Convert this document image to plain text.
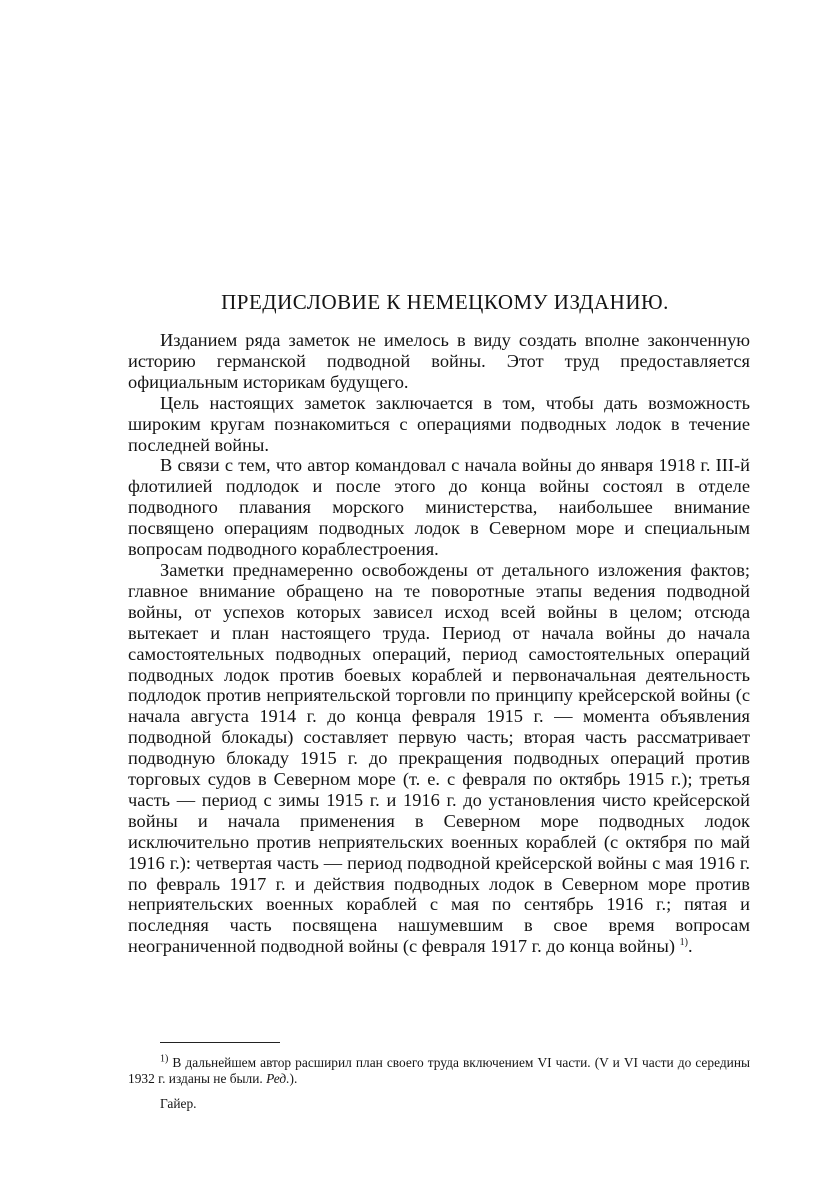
ПРЕДИСЛОВИЕ К НЕМЕЦКОМУ ИЗДАНИЮ.

Изданием ряда заметок не имелось в виду создать вполне законченную историю германской подводной войны. Этот труд предоставляется официальным историкам будущего.

Цель настоящих заметок заключается в том, чтобы дать возможность широким кругам познакомиться с операциями подводных лодок в течение последней войны.

В связи с тем, что автор командовал с начала войны до января 1918 г. III-й флотилией подлодок и после этого до конца войны состоял в отделе подводного плавания морского министерства, наибольшее внимание посвящено операциям подводных лодок в Северном море и специальным вопросам подводного кораблестроения.

Заметки преднамеренно освобождены от детального изложения фактов; главное внимание обращено на те поворотные этапы ведения подводной войны, от успехов которых зависел исход всей войны в целом; отсюда вытекает и план настоящего труда. Период от начала войны до начала самостоятельных подводных операций, период самостоятельных операций подводных лодок против боевых кораблей и первоначальная деятельность подлодок против неприятельской торговли по принципу крейсерской войны (с начала августа 1914 г. до конца февраля 1915 г. — момента объявления подводной блокады) составляет первую часть; вторая часть рассматривает подводную блокаду 1915 г. до прекращения подводных операций против торговых судов в Северном море (т. е. с февраля по октябрь 1915 г.); третья часть — период с зимы 1915 г. и 1916 г. до установления чисто крейсерской войны и начала применения в Северном море подводных лодок исключительно против неприятельских военных кораблей (с октября по май 1916 г.): четвертая часть — период подводной крейсерской войны с мая 1916 г. по февраль 1917 г. и действия подводных лодок в Северном море против неприятельских военных кораблей с мая по сентябрь 1916 г.; пятая и последняя часть посвящена нашумевшим в свое время вопросам неограниченной подводной войны (с февраля 1917 г. до конца войны) $^{1)}$.

$^{1)}$ В дальнейшем автор расширил план своего труда включением VI части. (V и VI части до середины 1932 г. изданы не были. Ред.).

Гайер.
